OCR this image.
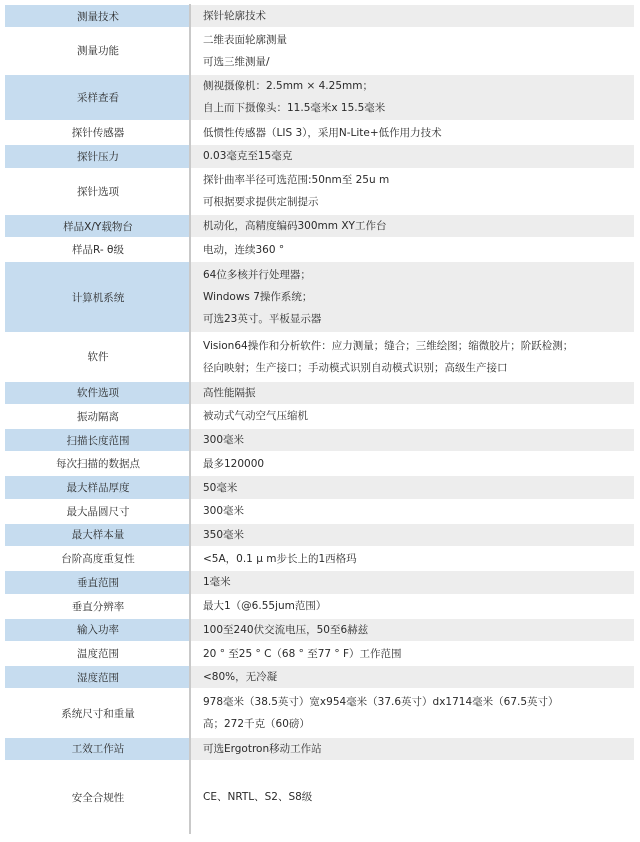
测量技术	探针轮廓技术

测量功能	二维表面轮廓测量
可选三维测量/

采样查看	侧视摄像机：2.5mm × 4.25mm；
自上而下摄像头：11.5毫米x 15.5毫米

探针传感器	低惯性传感器（LIS 3），采用N-Lite+低作用力技术

探针压力	0.03毫克至15毫克

探针选项	探针曲率半径可选范围:50nm至 25u m
可根据要求提供定制提示

样品X/Y载物台	机动化，高精度编码300mm XY工作台

样品R- θ级	电动，连续360 °

计算机系统	64位多核并行处理器；
Windows 7操作系统；
可选23英寸。平板显示器

软件	Vision64操作和分析软件：应力测量；缝合；三维绘图；缩微胶片；阶跃检测；
径向映射；生产接口；手动模式识别自动模式识别；高级生产接口

软件选项	高性能隔振

振动隔离	被动式气动空气压缩机

扫描长度范围	300毫米

每次扫描的数据点	最多120000

最大样品厚度	50毫米

最大晶圆尺寸	300毫米

最大样本量	350毫米

台阶高度重复性	<5A，0.1 μ m步长上的1西格玛

垂直范围	1毫米

垂直分辨率	最大1（@6.55jum范围）

输入功率	100至240伏交流电压，50至6赫兹

温度范围	20 ° 至25 ° C（68 ° 至77 ° F）工作范围

湿度范围	<80%，无冷凝

系统尺寸和重量	978毫米（38.5英寸）宽x954毫米（37.6英寸）dx1714毫米（67.5英寸）
高；272千克（60磅）

工效工作站	可选Ergotron移动工作站

安全合规性	CE、NRTL、S2、S8级
